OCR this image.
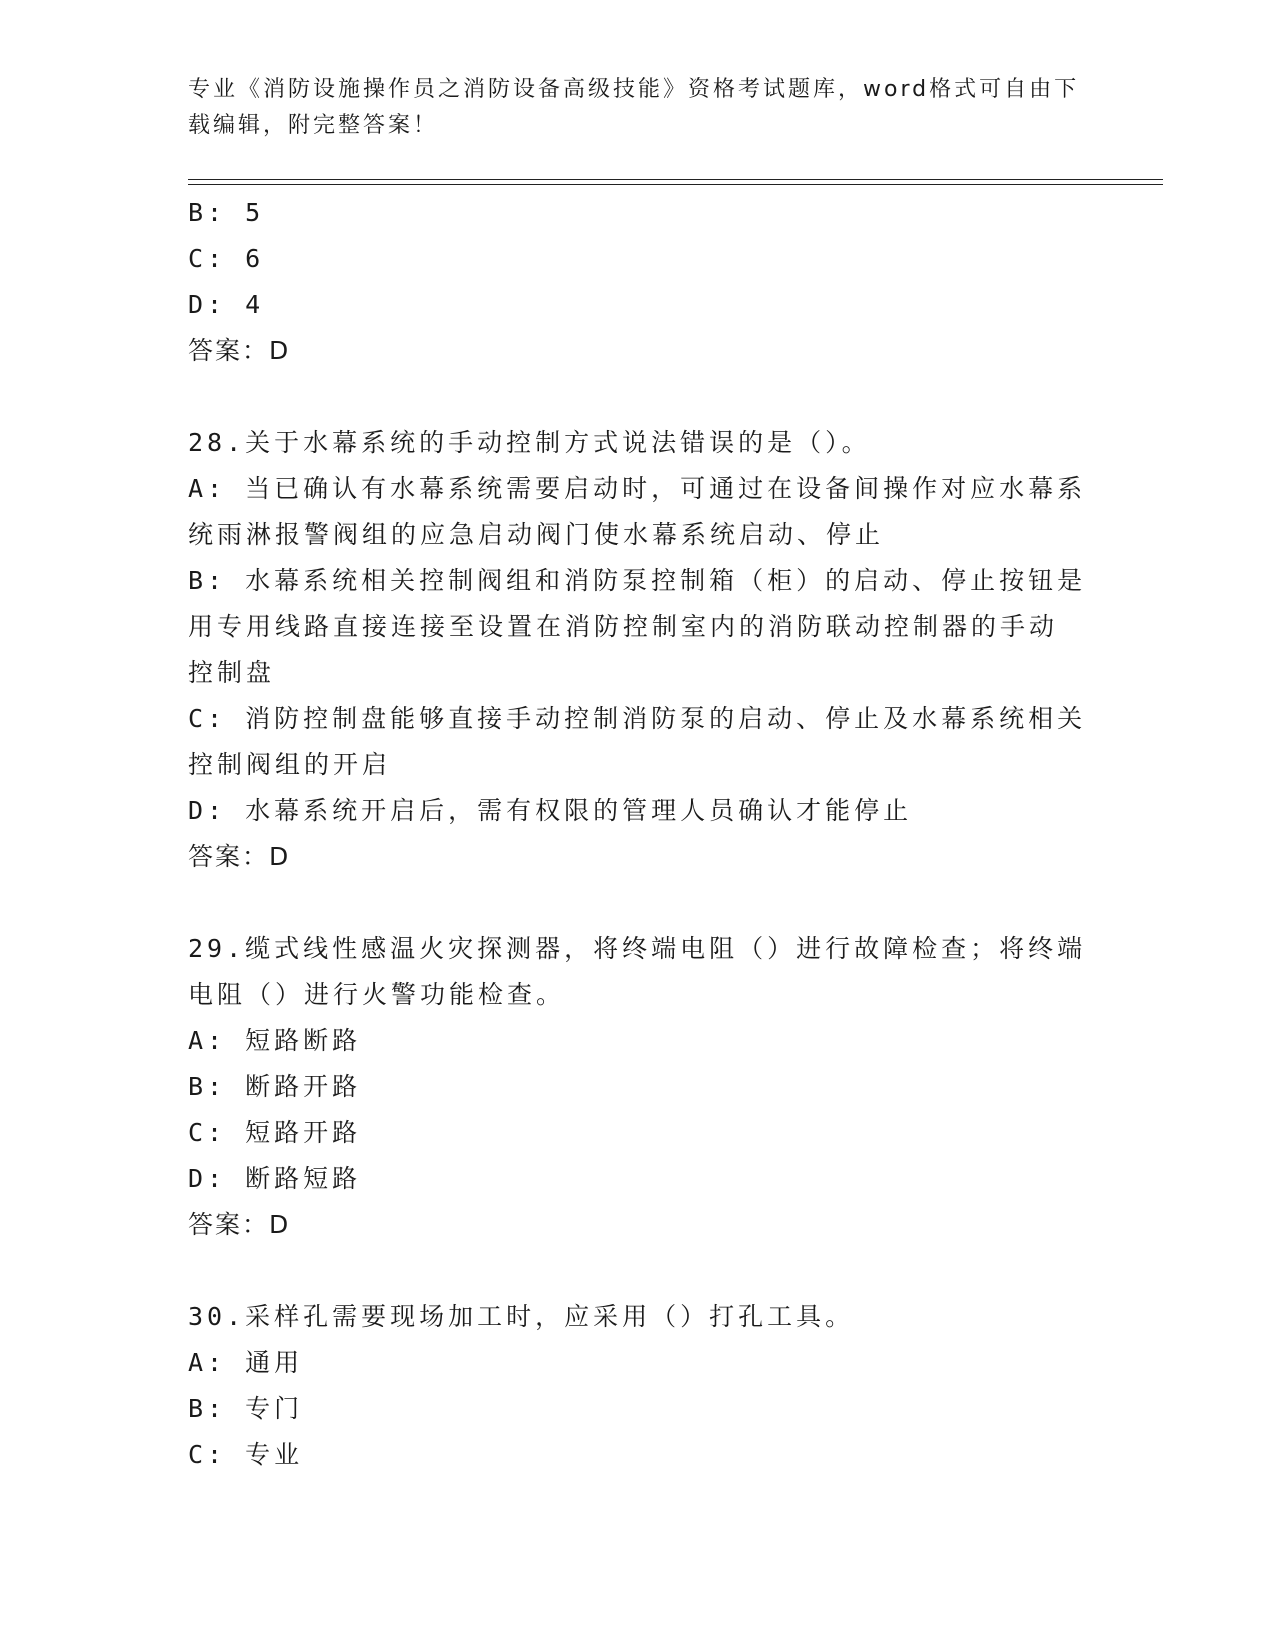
专业《消防设施操作员之消防设备高级技能》资格考试题库，word格式可自由下
载编辑，附完整答案！
B: 5
C: 6
D: 4
答案：D
28.关于水幕系统的手动控制方式说法错误的是（）。
A: 当已确认有水幕系统需要启动时，可通过在设备间操作对应水幕系
统雨淋报警阀组的应急启动阀门使水幕系统启动、停止
B: 水幕系统相关控制阀组和消防泵控制箱（柜）的启动、停止按钮是
用专用线路直接连接至设置在消防控制室内的消防联动控制器的手动
控制盘
C: 消防控制盘能够直接手动控制消防泵的启动、停止及水幕系统相关
控制阀组的开启
D: 水幕系统开启后，需有权限的管理人员确认才能停止
答案：D
29.缆式线性感温火灾探测器，将终端电阻（）进行故障检查；将终端
电阻（）进行火警功能检查。
A: 短路断路
B: 断路开路
C: 短路开路
D: 断路短路
答案：D
30.采样孔需要现场加工时，应采用（）打孔工具。
A: 通用
B: 专门
C: 专业
